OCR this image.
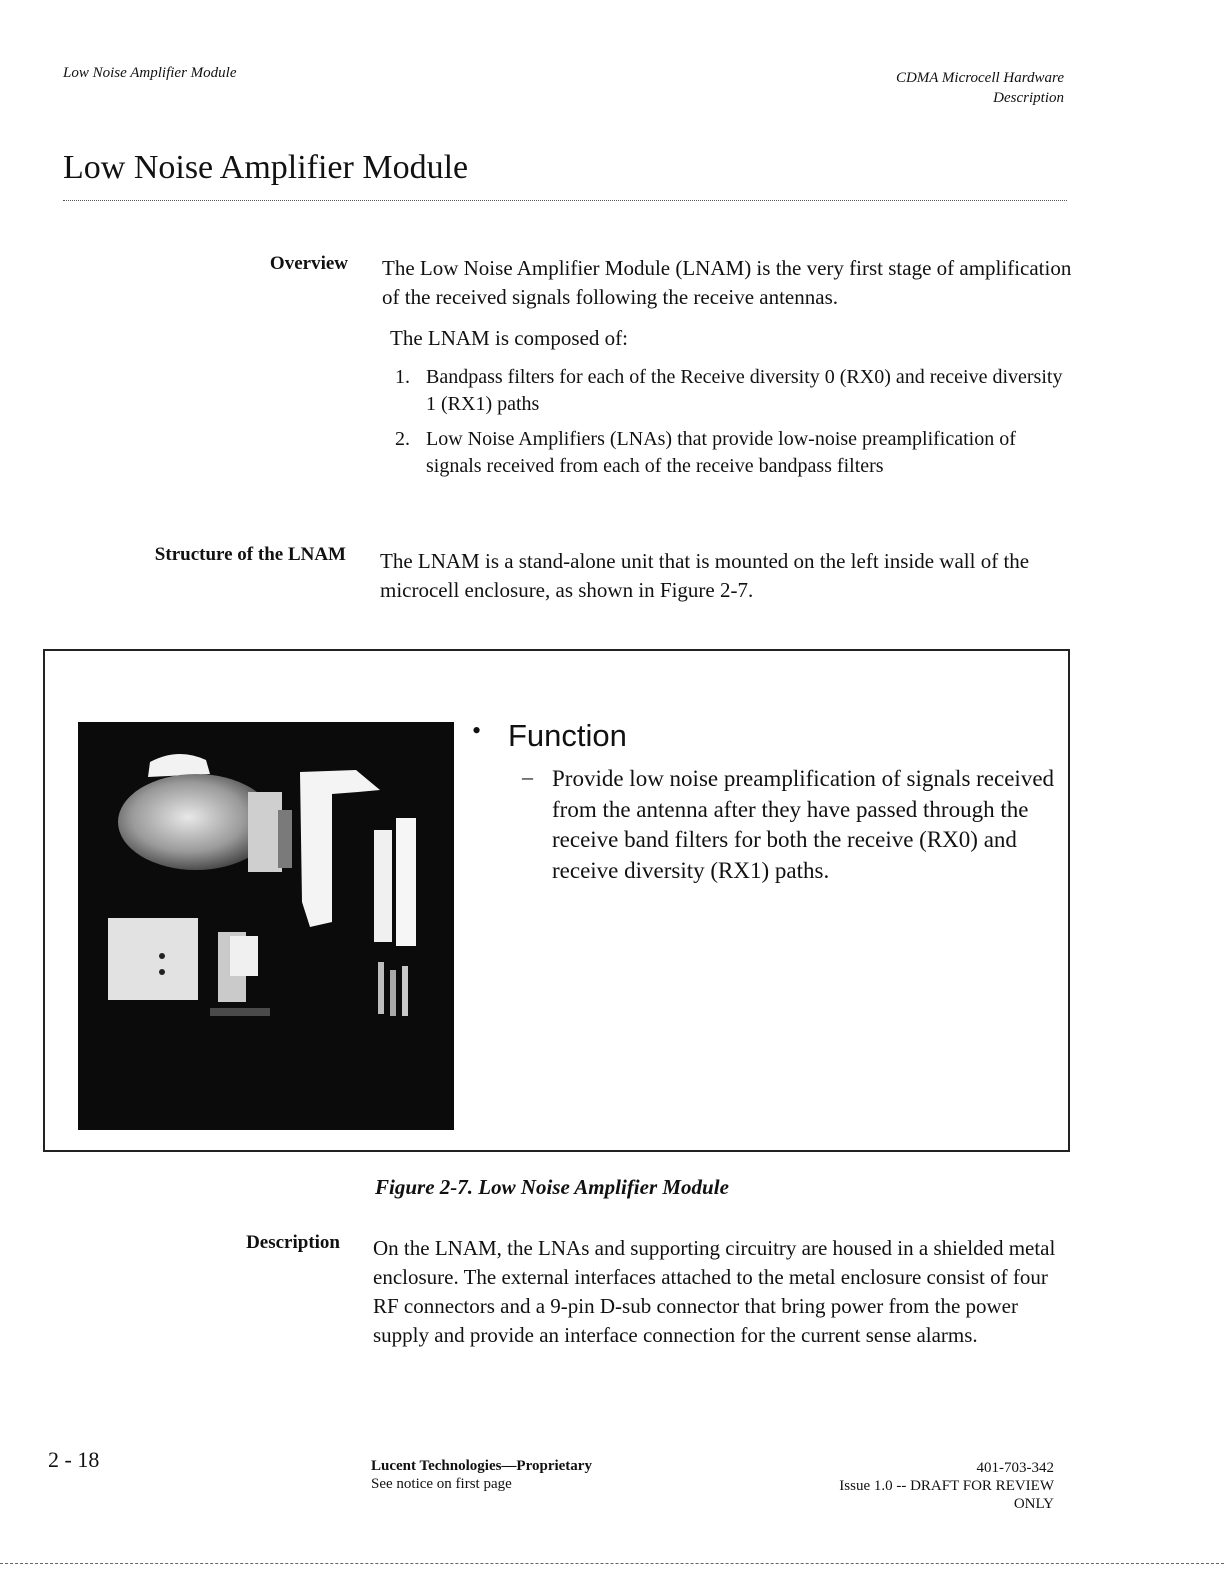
Low Noise Amplifier Module	CDMA Microcell Hardware
Description
Low Noise Amplifier Module
Overview The Low Noise Amplifier Module (LNAM) is the very first stage of amplification of the received signals following the receive antennas.
The LNAM is composed of:
1. Bandpass filters for each of the Receive diversity 0 (RX0) and receive diversity 1 (RX1) paths
2. Low Noise Amplifiers (LNAs) that provide low-noise preamplification of signals received from each of the receive bandpass filters
Structure of the LNAM The LNAM is a stand-alone unit that is mounted on the left inside wall of the microcell enclosure, as shown in Figure 2-7.
• Function
– Provide low noise preamplification of signals received from the antenna after they have passed through the receive band filters for both the receive (RX0) and receive diversity (RX1) paths.
Figure 2-7. Low Noise Amplifier Module
Description On the LNAM, the LNAs and supporting circuitry are housed in a shielded metal enclosure. The external interfaces attached to the metal enclosure consist of four RF connectors and a 9-pin D-sub connector that bring power from the power supply and provide an interface connection for the current sense alarms.
2 - 18	Lucent Technologies—Proprietary
See notice on first page
401-703-342
Issue 1.0 -- DRAFT FOR REVIEW
ONLY
